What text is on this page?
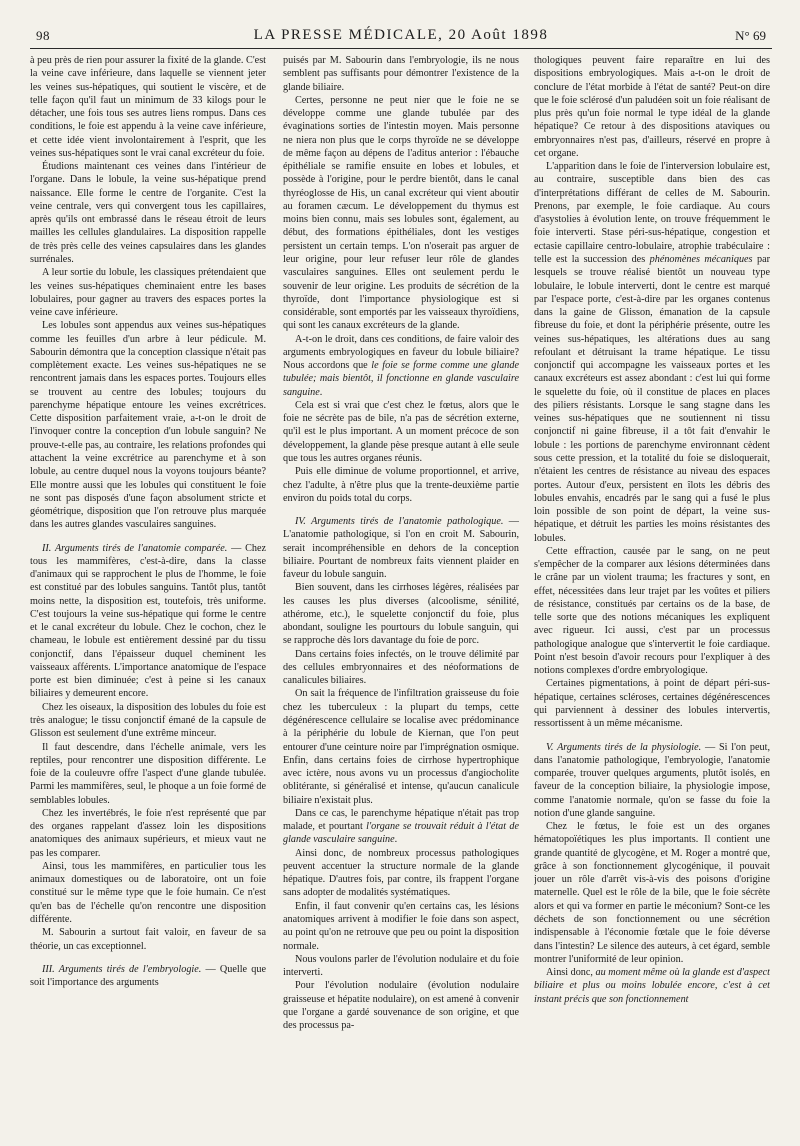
98	LA PRESSE MÉDICALE, 20 Août 1898	N° 69

à peu près de rien pour assurer la fixité de la glande. C'est la veine cave inférieure, dans laquelle se viennent jeter les veines sus-hépatiques, qui soutient le viscère, et de telle façon qu'il faut un minimum de 33 kilogs pour le détacher, une fois tous ses autres liens rompus. Dans ces conditions, le foie est appendu à la veine cave inférieure, et cette idée vient involontairement à l'esprit, que les veines sus-hépatiques sont le vrai canal excréteur du foie.

Étudions maintenant ces veines dans l'intérieur de l'organe. Dans le lobule, la veine sus-hépatique prend naissance. Elle forme le centre de l'organite. C'est la veine centrale, vers qui convergent tous les capillaires, après qu'ils ont embrassé dans le réseau étroit de leurs mailles les cellules glandulaires. La disposition rappelle de très près celle des veines capsulaires dans les glandes surrénales.

A leur sortie du lobule, les classiques prétendaient que les veines sus-hépatiques cheminaient entre les bases lobulaires, pour gagner au travers des espaces portes la veine cave inférieure.

Les lobules sont appendus aux veines sus-hépatiques comme les feuilles d'un arbre à leur pédicule. M. Sabourin démontra que la conception classique n'était pas complètement exacte. Les veines sus-hépatiques ne se rencontrent jamais dans les espaces portes. Toujours elles se trouvent au centre des lobules; toujours du parenchyme hépatique entoure les veines excrétrices. Cette disposition parfaitement vraie, a-t-on le droit de l'invoquer contre la conception d'un lobule sanguin? Ne prouve-t-elle pas, au contraire, les relations profondes qui attachent la veine excrétrice au parenchyme et à son lobule, au centre duquel nous la voyons toujours béante? Elle montre aussi que les lobules qui constituent le foie ne sont pas disposés d'une façon absolument stricte et géométrique, disposition que l'on retrouve plus marquée dans les autres glandes vasculaires sanguines.

II. Arguments tirés de l'anatomie comparée. — Chez tous les mammifères, c'est-à-dire, dans la classe d'animaux qui se rapprochent le plus de l'homme, le foie est constitué par des lobules sanguins. Tantôt plus, tantôt moins nette, la disposition est, toutefois, très uniforme. C'est toujours la veine sus-hépatique qui forme le centre et le canal excréteur du lobule. Chez le cochon, chez le chameau, le lobule est entièrement dessiné par du tissu conjonctif, dans l'épaisseur duquel cheminent les vaisseaux afférents. L'importance anatomique de l'espace porte est bien diminuée; c'est à peine si les canaux biliaires y demeurent encore.

Chez les oiseaux, la disposition des lobules du foie est très analogue; le tissu conjonctif émané de la capsule de Glisson est seulement d'une extrême minceur.

Il faut descendre, dans l'échelle animale, vers les reptiles, pour rencontrer une disposition différente. Le foie de la couleuvre offre l'aspect d'une glande tubulée. Parmi les mammifères, seul, le phoque a un foie formé de semblables lobules.

Chez les invertébrés, le foie n'est représenté que par des organes rappelant d'assez loin les dispositions anatomiques des animaux supérieurs, et mieux vaut ne pas les comparer.

Ainsi, tous les mammifères, en particulier tous les animaux domestiques ou de laboratoire, ont un foie constitué sur le même type que le foie humain. Ce n'est qu'en bas de l'échelle qu'on rencontre une disposition différente.

M. Sabourin a surtout fait valoir, en faveur de sa théorie, un cas exceptionnel.

III. Arguments tirés de l'embryologie. — Quelle que soit l'importance des arguments

puisés par M. Sabourin dans l'embryologie, ils ne nous semblent pas suffisants pour démontrer l'existence de la glande biliaire.

Certes, personne ne peut nier que le foie ne se développe comme une glande tubulée par des évaginations sorties de l'intestin moyen. Mais personne ne niera non plus que le corps thyroïde ne se développe de même façon au dépens de l'aditus anterior : l'ébauche épithéliale se ramifie ensuite en lobes et lobules, et possède à l'origine, pour le perdre bientôt, dans le canal thyréoglosse de His, un canal excréteur qui vient aboutir au foramen cæcum. Le développement du thymus est moins bien connu, mais ses lobules sont, également, au début, des formations épithéliales, dont les vestiges persistent un certain temps. L'on n'oserait pas arguer de leur origine, pour leur refuser leur rôle de glandes vasculaires sanguines. Elles ont seulement perdu le souvenir de leur origine. Les produits de sécrétion de la thyroïde, dont l'importance physiologique est si considérable, sont emportés par les vaisseaux thyroïdiens, qui sont les canaux excréteurs de la glande.

A-t-on le droit, dans ces conditions, de faire valoir des arguments embryologiques en faveur du lobule biliaire? Nous accordons que le foie se forme comme une glande tubulée; mais bientôt, il fonctionne en glande vasculaire sanguine.

Cela est si vrai que c'est chez le fœtus, alors que le foie ne sécrète pas de bile, n'a pas de sécrétion externe, qu'il est le plus important. A un moment précoce de son développement, la glande pèse presque autant à elle seule que tous les autres organes réunis.

Puis elle diminue de volume proportionnel, et arrive, chez l'adulte, à n'être plus que la trente-deuxième partie environ du poids total du corps.

IV. Arguments tirés de l'anatomie pathologique. — L'anatomie pathologique, si l'on en croit M. Sabourin, serait incompréhensible en dehors de la conception biliaire. Pourtant de nombreux faits viennent plaider en faveur du lobule sanguin.

Bien souvent, dans les cirrhoses légères, réalisées par les causes les plus diverses (alcoolisme, sénilité, athérome, etc.), le squelette conjonctif du foie, plus abondant, souligne les pourtours du lobule sanguin, qui se rapproche dès lors davantage du foie de porc.

Dans certains foies infectés, on le trouve délimité par des cellules embryonnaires et des néoformations de canalicules biliaires.

On sait la fréquence de l'infiltration graisseuse du foie chez les tuberculeux : la plupart du temps, cette dégénérescence cellulaire se localise avec prédominance à la périphérie du lobule de Kiernan, que l'on peut entourer d'une ceinture noire par l'imprégnation osmique. Enfin, dans certains foies de cirrhose hypertrophique avec ictère, nous avons vu un processus d'angiocholite oblitérante, si généralisé et intense, qu'aucun canalicule biliaire n'existait plus.

Dans ce cas, le parenchyme hépatique n'était pas trop malade, et pourtant l'organe se trouvait réduit à l'état de glande vasculaire sanguine.

Ainsi donc, de nombreux processus pathologiques peuvent accentuer la structure normale de la glande hépatique. D'autres fois, par contre, ils frappent l'organe sans adopter de modalités systématiques.

Enfin, il faut convenir qu'en certains cas, les lésions anatomiques arrivent à modifier le foie dans son aspect, au point qu'on ne retrouve que peu ou point la disposition normale.

Nous voulons parler de l'évolution nodulaire et du foie interverti.

Pour l'évolution nodulaire (évolution nodulaire graisseuse et hépatite nodulaire), on est amené à convenir que l'organe a gardé souvenance de son origine, et que des processus pa-

thologiques peuvent faire reparaître en lui des dispositions embryologiques. Mais a-t-on le droit de conclure de l'état morbide à l'état de santé? Peut-on dire que le foie sclérosé d'un paludéen soit un foie réalisant de plus près qu'un foie normal le type idéal de la glande hépatique? Ce retour à des dispositions ataviques ou embryonnaires n'est pas, d'ailleurs, réservé en propre à cet organe.

L'apparition dans le foie de l'interversion lobulaire est, au contraire, susceptible dans bien des cas d'interprétations différant de celles de M. Sabourin. Prenons, par exemple, le foie cardiaque. Au cours d'asystolies à évolution lente, on trouve fréquemment le foie interverti. Stase péri-sus-hépatique, congestion et ectasie capillaire centro-lobulaire, atrophie trabéculaire : telle est la succession des phénomènes mécaniques par lesquels se trouve réalisé bientôt un nouveau type lobulaire, le lobule interverti, dont le centre est marqué par l'espace porte, c'est-à-dire par les organes contenus dans la gaine de Glisson, émanation de la capsule fibreuse du foie, et dont la périphérie présente, outre les veines sus-hépatiques, les altérations dues au sang refoulant et détruisant la trame hépatique. Le tissu conjonctif qui accompagne les vaisseaux portes et les canaux excréteurs est assez abondant : c'est lui qui forme le squelette du foie, où il constitue de places en places des piliers résistants. Lorsque le sang stagne dans les veines sus-hépatiques que ne soutiennent ni tissu conjonctif ni gaine fibreuse, il a tôt fait d'envahir le lobule : les portions de parenchyme environnant cèdent sous cette pression, et la totalité du foie se disloquerait, n'étaient les centres de résistance au niveau des espaces portes. Autour d'eux, persistent en îlots les débris des lobules envahis, encadrés par le sang qui a fusé le plus loin possible de son point de départ, la veine sus-hépatique, et détruit les parties les moins résistantes des lobules.

Cette effraction, causée par le sang, on ne peut s'empêcher de la comparer aux lésions déterminées dans le crâne par un violent trauma; les fractures y sont, en effet, nécessitées dans leur trajet par les voûtes et piliers de résistance, constitués par certains os de la base, de telle sorte que des notions mécaniques les expliquent avec rigueur. Ici aussi, c'est par un processus pathologique analogue que s'intervertit le foie cardiaque. Point n'est besoin d'avoir recours pour l'expliquer à des notions complexes d'ordre embryologique.

Certaines pigmentations, à point de départ péri-sus-hépatique, certaines scléroses, certaines dégénérescences qui parviennent à dessiner des lobules intervertis, ressortissent à un même mécanisme.

V. Arguments tirés de la physiologie. — Si l'on peut, dans l'anatomie pathologique, l'embryologie, l'anatomie comparée, trouver quelques arguments, plutôt isolés, en faveur de la conception biliaire, la physiologie impose, comme l'anatomie normale, qu'on se fasse du foie la notion d'une glande sanguine.

Chez le fœtus, le foie est un des organes hématopoïétiques les plus importants. Il contient une grande quantité de glycogène, et M. Roger a montré que, grâce à son fonctionnement glycogénique, il pouvait jouer un rôle d'arrêt vis-à-vis des poisons d'origine maternelle. Quel est le rôle de la bile, que le foie sécrète alors et qui va former en partie le méconium? Sont-ce les déchets de son fonctionnement ou une sécrétion indispensable à l'économie fœtale que le foie déverse dans l'intestin? Le silence des auteurs, à cet égard, semble montrer l'uniformité de leur opinion.

Ainsi donc, au moment même où la glande est d'aspect biliaire et plus ou moins lobulée encore, c'est à cet instant précis que son fonctionnement
